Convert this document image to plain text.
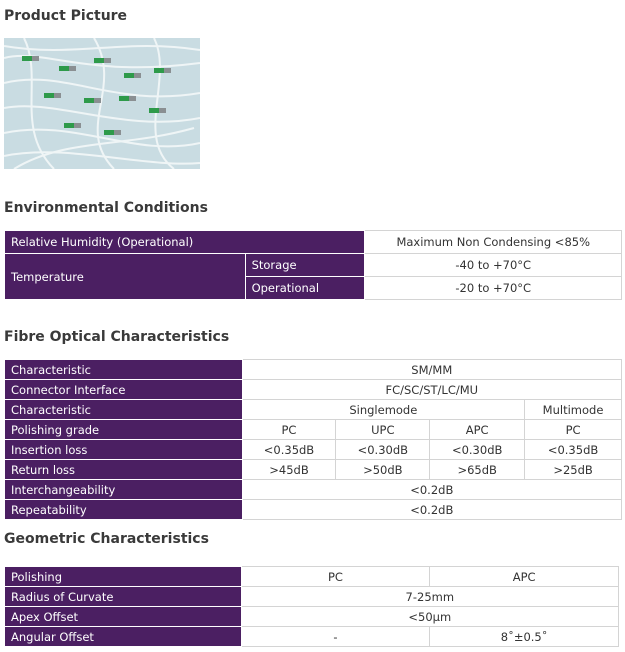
Product Picture
Environmental Conditions
Relative Humidity (Operational)		Maximum Non Condensing <85%
Temperature	Storage	-40 to +70°C
	Operational	-20 to +70°C
Fibre Optical Characteristics
Characteristic	SM/MM			
Connector Interface	FC/SC/ST/LC/MU			
Characteristic	Singlemode			Multimode
Polishing grade	PC	UPC	APC	PC
Insertion loss	<0.35dB	<0.30dB	<0.30dB	<0.35dB
Return loss	>45dB	>50dB	>65dB	>25dB
Interchangeability	<0.2dB			
Repeatability	<0.2dB			
Geometric Characteristics
Polishing	PC	APC
Radius of Curvate	7-25mm	
Apex Offset	<50µm	
Angular Offset	-	8˚±0.5˚
